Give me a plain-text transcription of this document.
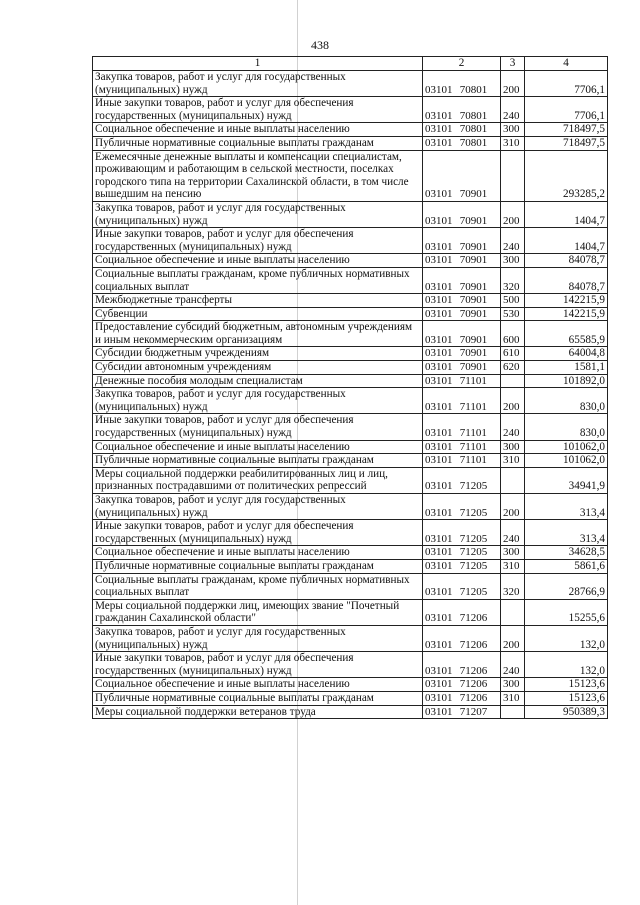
438
1	2	3	4
Закупка товаров, работ и услуг для государственных (муниципальных) нужд	03101 70801	200	7706,1
Иные закупки товаров, работ и услуг для обеспечения государственных (муниципальных) нужд	03101 70801	240	7706,1
Социальное обеспечение и иные выплаты населению	03101 70801	300	718497,5
Публичные нормативные социальные выплаты гражданам	03101 70801	310	718497,5
Ежемесячные денежные выплаты и компенсации специалистам, проживающим и работающим в сельской местности, поселках городского типа на территории Сахалинской области, в том числе вышедшим на пенсию	03101 70901		293285,2
Закупка товаров, работ и услуг для государственных (муниципальных) нужд	03101 70901	200	1404,7
Иные закупки товаров, работ и услуг для обеспечения государственных (муниципальных) нужд	03101 70901	240	1404,7
Социальное обеспечение и иные выплаты населению	03101 70901	300	84078,7
Социальные выплаты гражданам, кроме публичных нормативных социальных выплат	03101 70901	320	84078,7
Межбюджетные трансферты	03101 70901	500	142215,9
Субвенции	03101 70901	530	142215,9
Предоставление субсидий бюджетным, автономным учреждениям и иным некоммерческим организациям	03101 70901	600	65585,9
Субсидии бюджетным учреждениям	03101 70901	610	64004,8
Субсидии автономным учреждениям	03101 70901	620	1581,1
Денежные пособия молодым специалистам	03101 71101		101892,0
Закупка товаров, работ и услуг для государственных (муниципальных) нужд	03101 71101	200	830,0
Иные закупки товаров, работ и услуг для обеспечения государственных (муниципальных) нужд	03101 71101	240	830,0
Социальное обеспечение и иные выплаты населению	03101 71101	300	101062,0
Публичные нормативные социальные выплаты гражданам	03101 71101	310	101062,0
Меры социальной поддержки реабилитированных лиц и лиц, признанных пострадавшими от политических репрессий	03101 71205		34941,9
Закупка товаров, работ и услуг для государственных (муниципальных) нужд	03101 71205	200	313,4
Иные закупки товаров, работ и услуг для обеспечения государственных (муниципальных) нужд	03101 71205	240	313,4
Социальное обеспечение и иные выплаты населению	03101 71205	300	34628,5
Публичные нормативные социальные выплаты гражданам	03101 71205	310	5861,6
Социальные выплаты гражданам, кроме публичных нормативных социальных выплат	03101 71205	320	28766,9
Меры социальной поддержки лиц, имеющих звание "Почетный гражданин Сахалинской области"	03101 71206		15255,6
Закупка товаров, работ и услуг для государственных (муниципальных) нужд	03101 71206	200	132,0
Иные закупки товаров, работ и услуг для обеспечения государственных (муниципальных) нужд	03101 71206	240	132,0
Социальное обеспечение и иные выплаты населению	03101 71206	300	15123,6
Публичные нормативные социальные выплаты гражданам	03101 71206	310	15123,6
Меры социальной поддержки ветеранов труда	03101 71207		950389,3
